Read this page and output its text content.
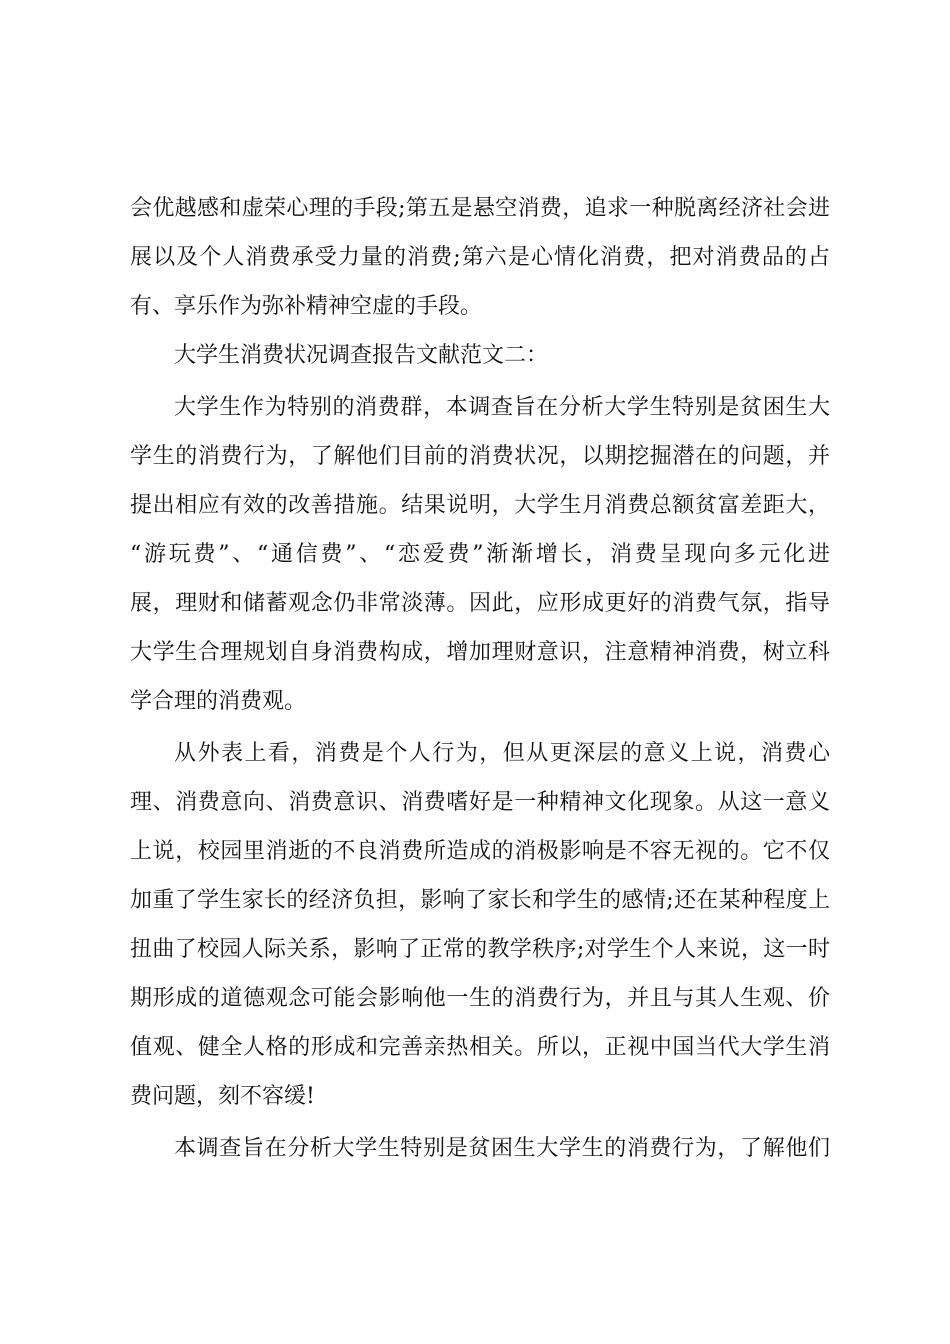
会优越感和虚荣心理的手段;第五是悬空消费，追求一种脱离经济社会进
展以及个人消费承受力量的消费;第六是心情化消费，把对消费品的占
有、享乐作为弥补精神空虚的手段。
大学生消费状况调查报告文献范文二：
大学生作为特别的消费群，本调查旨在分析大学生特别是贫困生大
学生的消费行为，了解他们目前的消费状况，以期挖掘潜在的问题，并
提出相应有效的改善措施。结果说明，大学生月消费总额贫富差距大，
“游玩费”、“通信费”、“恋爱费”渐渐增长，消费呈现向多元化进
展，理财和储蓄观念仍非常淡薄。因此，应形成更好的消费气氛，指导
大学生合理规划自身消费构成，增加理财意识，注意精神消费，树立科
学合理的消费观。
从外表上看，消费是个人行为，但从更深层的意义上说，消费心
理、消费意向、消费意识、消费嗜好是一种精神文化现象。从这一意义
上说，校园里消逝的不良消费所造成的消极影响是不容无视的。它不仅
加重了学生家长的经济负担，影响了家长和学生的感情;还在某种程度上
扭曲了校园人际关系，影响了正常的教学秩序;对学生个人来说，这一时
期形成的道德观念可能会影响他一生的消费行为，并且与其人生观、价
值观、健全人格的形成和完善亲热相关。所以，正视中国当代大学生消
费问题，刻不容缓!
本调查旨在分析大学生特别是贫困生大学生的消费行为，了解他们
